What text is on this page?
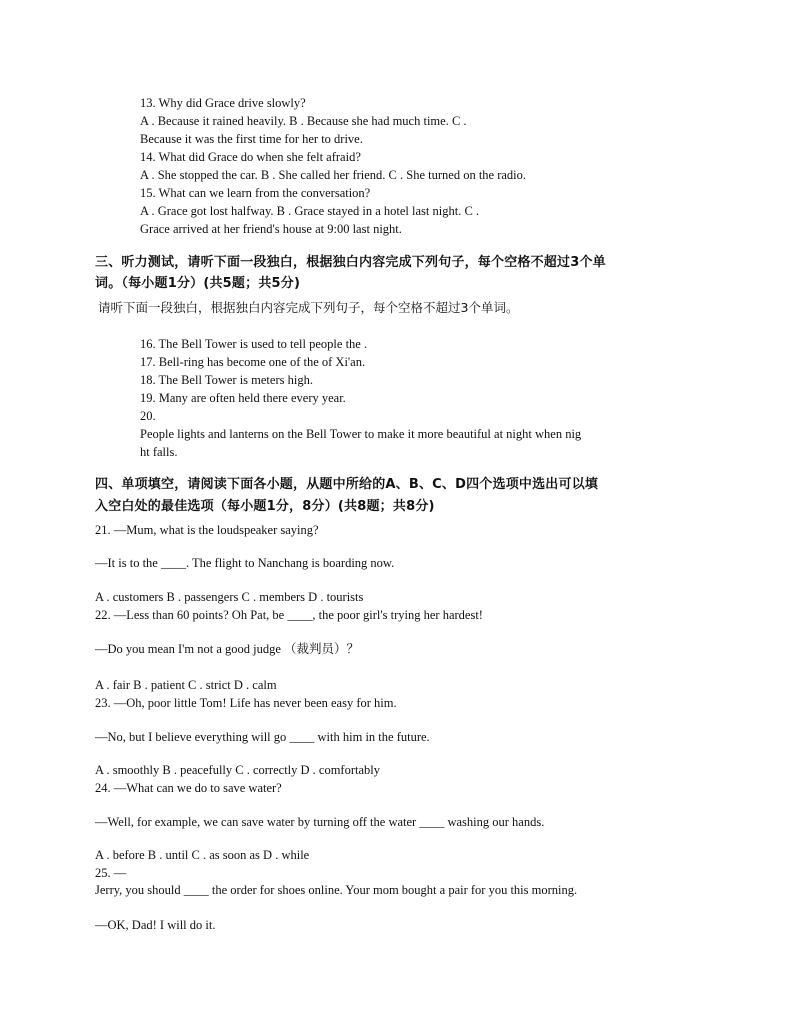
13. Why did Grace drive slowly?
A . Because it rained heavily. B . Because she had much time. C .
Because it was the first time for her to drive.
14. What did Grace do when she felt afraid?
A . She stopped the car. B . She called her friend. C . She turned on the radio.
15. What can we learn from the conversation?
A . Grace got lost halfway. B . Grace stayed in a hotel last night. C .
Grace arrived at her friend's house at 9:00 last night.
三、听力测试，请听下面一段独白，根据独白内容完成下列句子，每个空格不超过3个单
词。（每小题1分）(共5题；共5分)
请听下面一段独白，根据独白内容完成下列句子，每个空格不超过3个单词。
16. The Bell Tower is used to tell people the .
17. Bell-ring has become one of the of Xi'an.
18. The Bell Tower is meters high.
19. Many are often held there every year.
20.
People lights and lanterns on the Bell Tower to make it more beautiful at night when nig
ht falls.
四、单项填空，请阅读下面各小题，从题中所给的A、B、C、D四个选项中选出可以填
入空白处的最佳选项（每小题1分，8分）(共8题；共8分)
21. —Mum, what is the loudspeaker saying?
—It is to the ____. The flight to Nanchang is boarding now.
A . customers B . passengers C . members D . tourists
22. —Less than 60 points? Oh Pat, be ____, the poor girl's trying her hardest!
—Do you mean I'm not a good judge （裁判员）？
A . fair B . patient C . strict D . calm
23. —Oh, poor little Tom! Life has never been easy for him.
—No, but I believe everything will go ____ with him in the future.
A . smoothly B . peacefully C . correctly D . comfortably
24. —What can we do to save water?
—Well, for example, we can save water by turning off the water ____ washing our hands.
A . before B . until C . as soon as D . while
25. —
Jerry, you should ____ the order for shoes online. Your mom bought a pair for you this morning.
—OK, Dad! I will do it.
